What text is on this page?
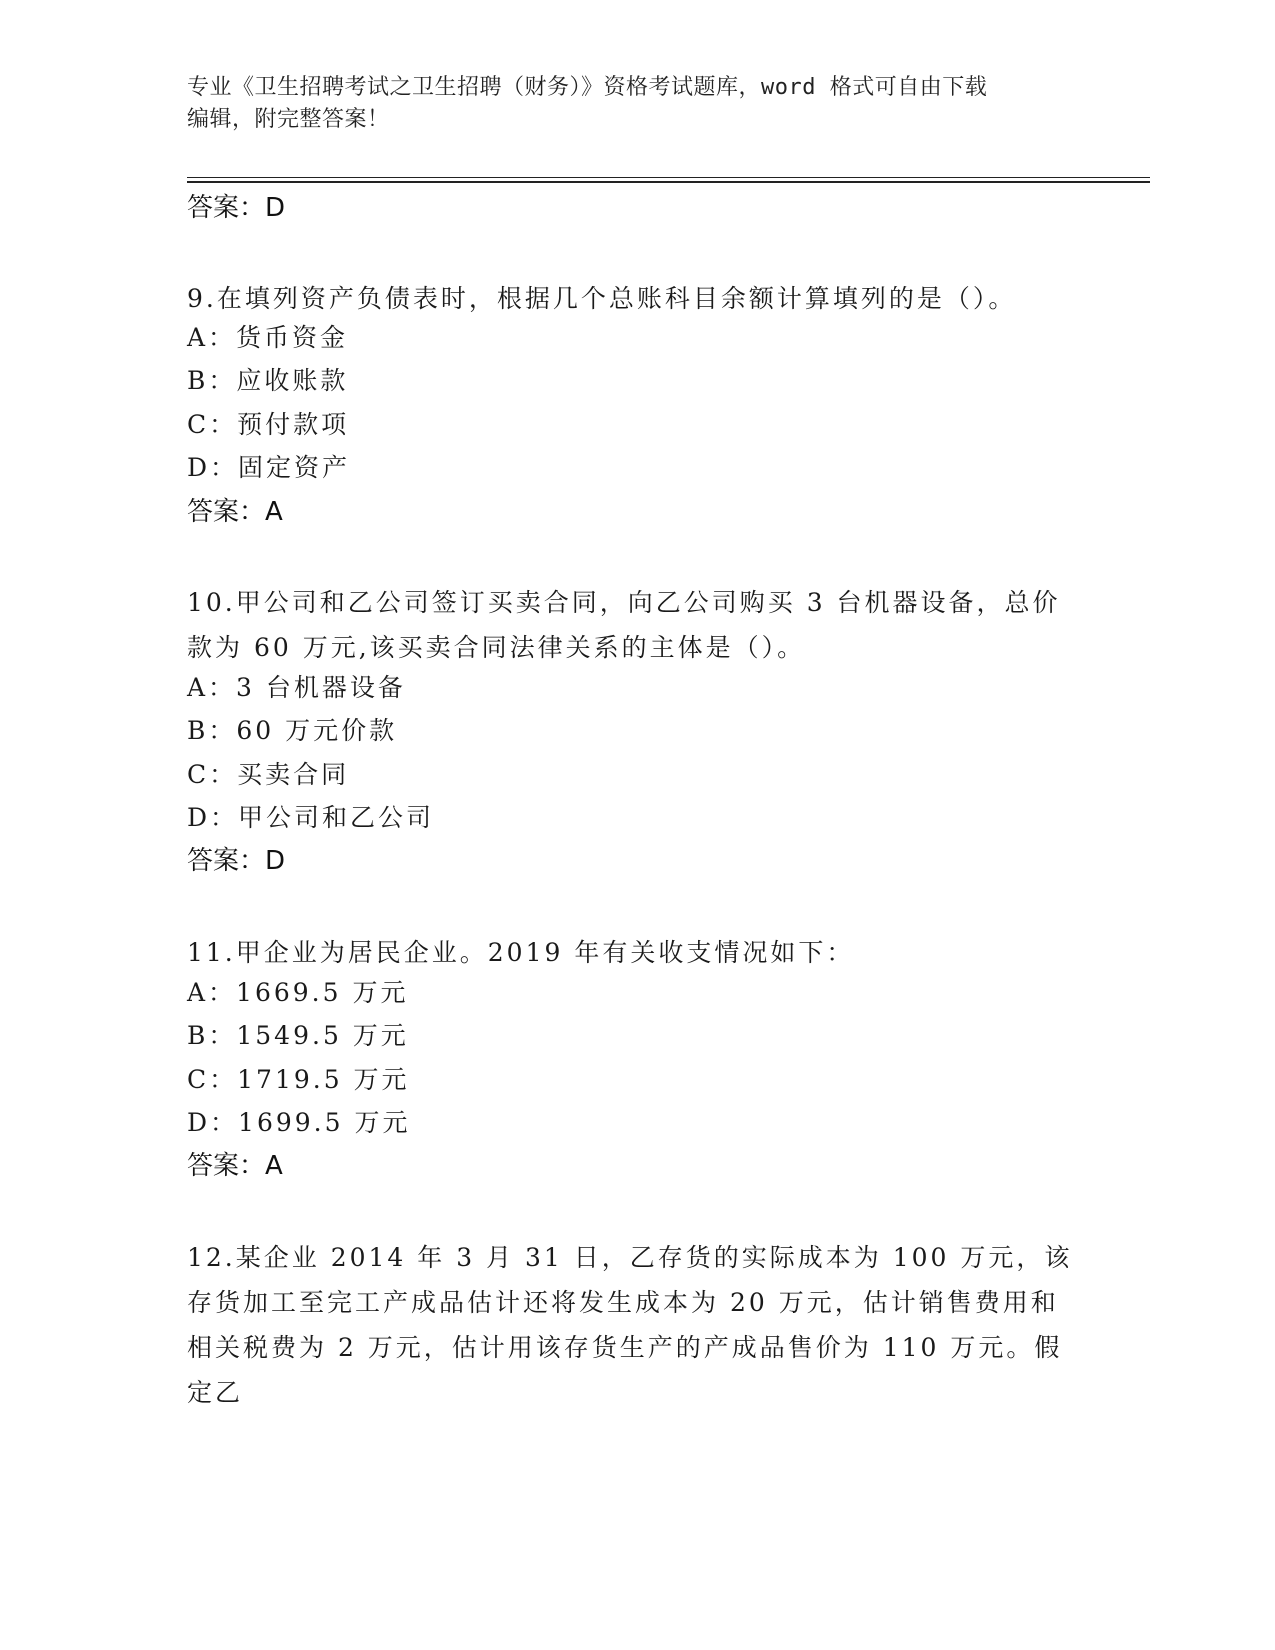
专业《卫生招聘考试之卫生招聘（财务）》资格考试题库，word 格式可自由下载
编辑，附完整答案！
答案：D
9.在填列资产负债表时，根据几个总账科目余额计算填列的是（）。
A：货币资金
B：应收账款
C：预付款项
D：固定资产
答案：A
10.甲公司和乙公司签订买卖合同，向乙公司购买 3 台机器设备，总价款为 60 万元,该买卖合同法律关系的主体是（）。
A：3 台机器设备
B：60 万元价款
C：买卖合同
D：甲公司和乙公司
答案：D
11.甲企业为居民企业。2019 年有关收支情况如下：
A：1669.5 万元
B：1549.5 万元
C：1719.5 万元
D：1699.5 万元
答案：A
12.某企业 2014 年 3 月 31 日，乙存货的实际成本为 100 万元，该存货加工至完工产成品估计还将发生成本为 20 万元，估计销售费用和相关税费为 2 万元，估计用该存货生产的产成品售价为 110 万元。假定乙
